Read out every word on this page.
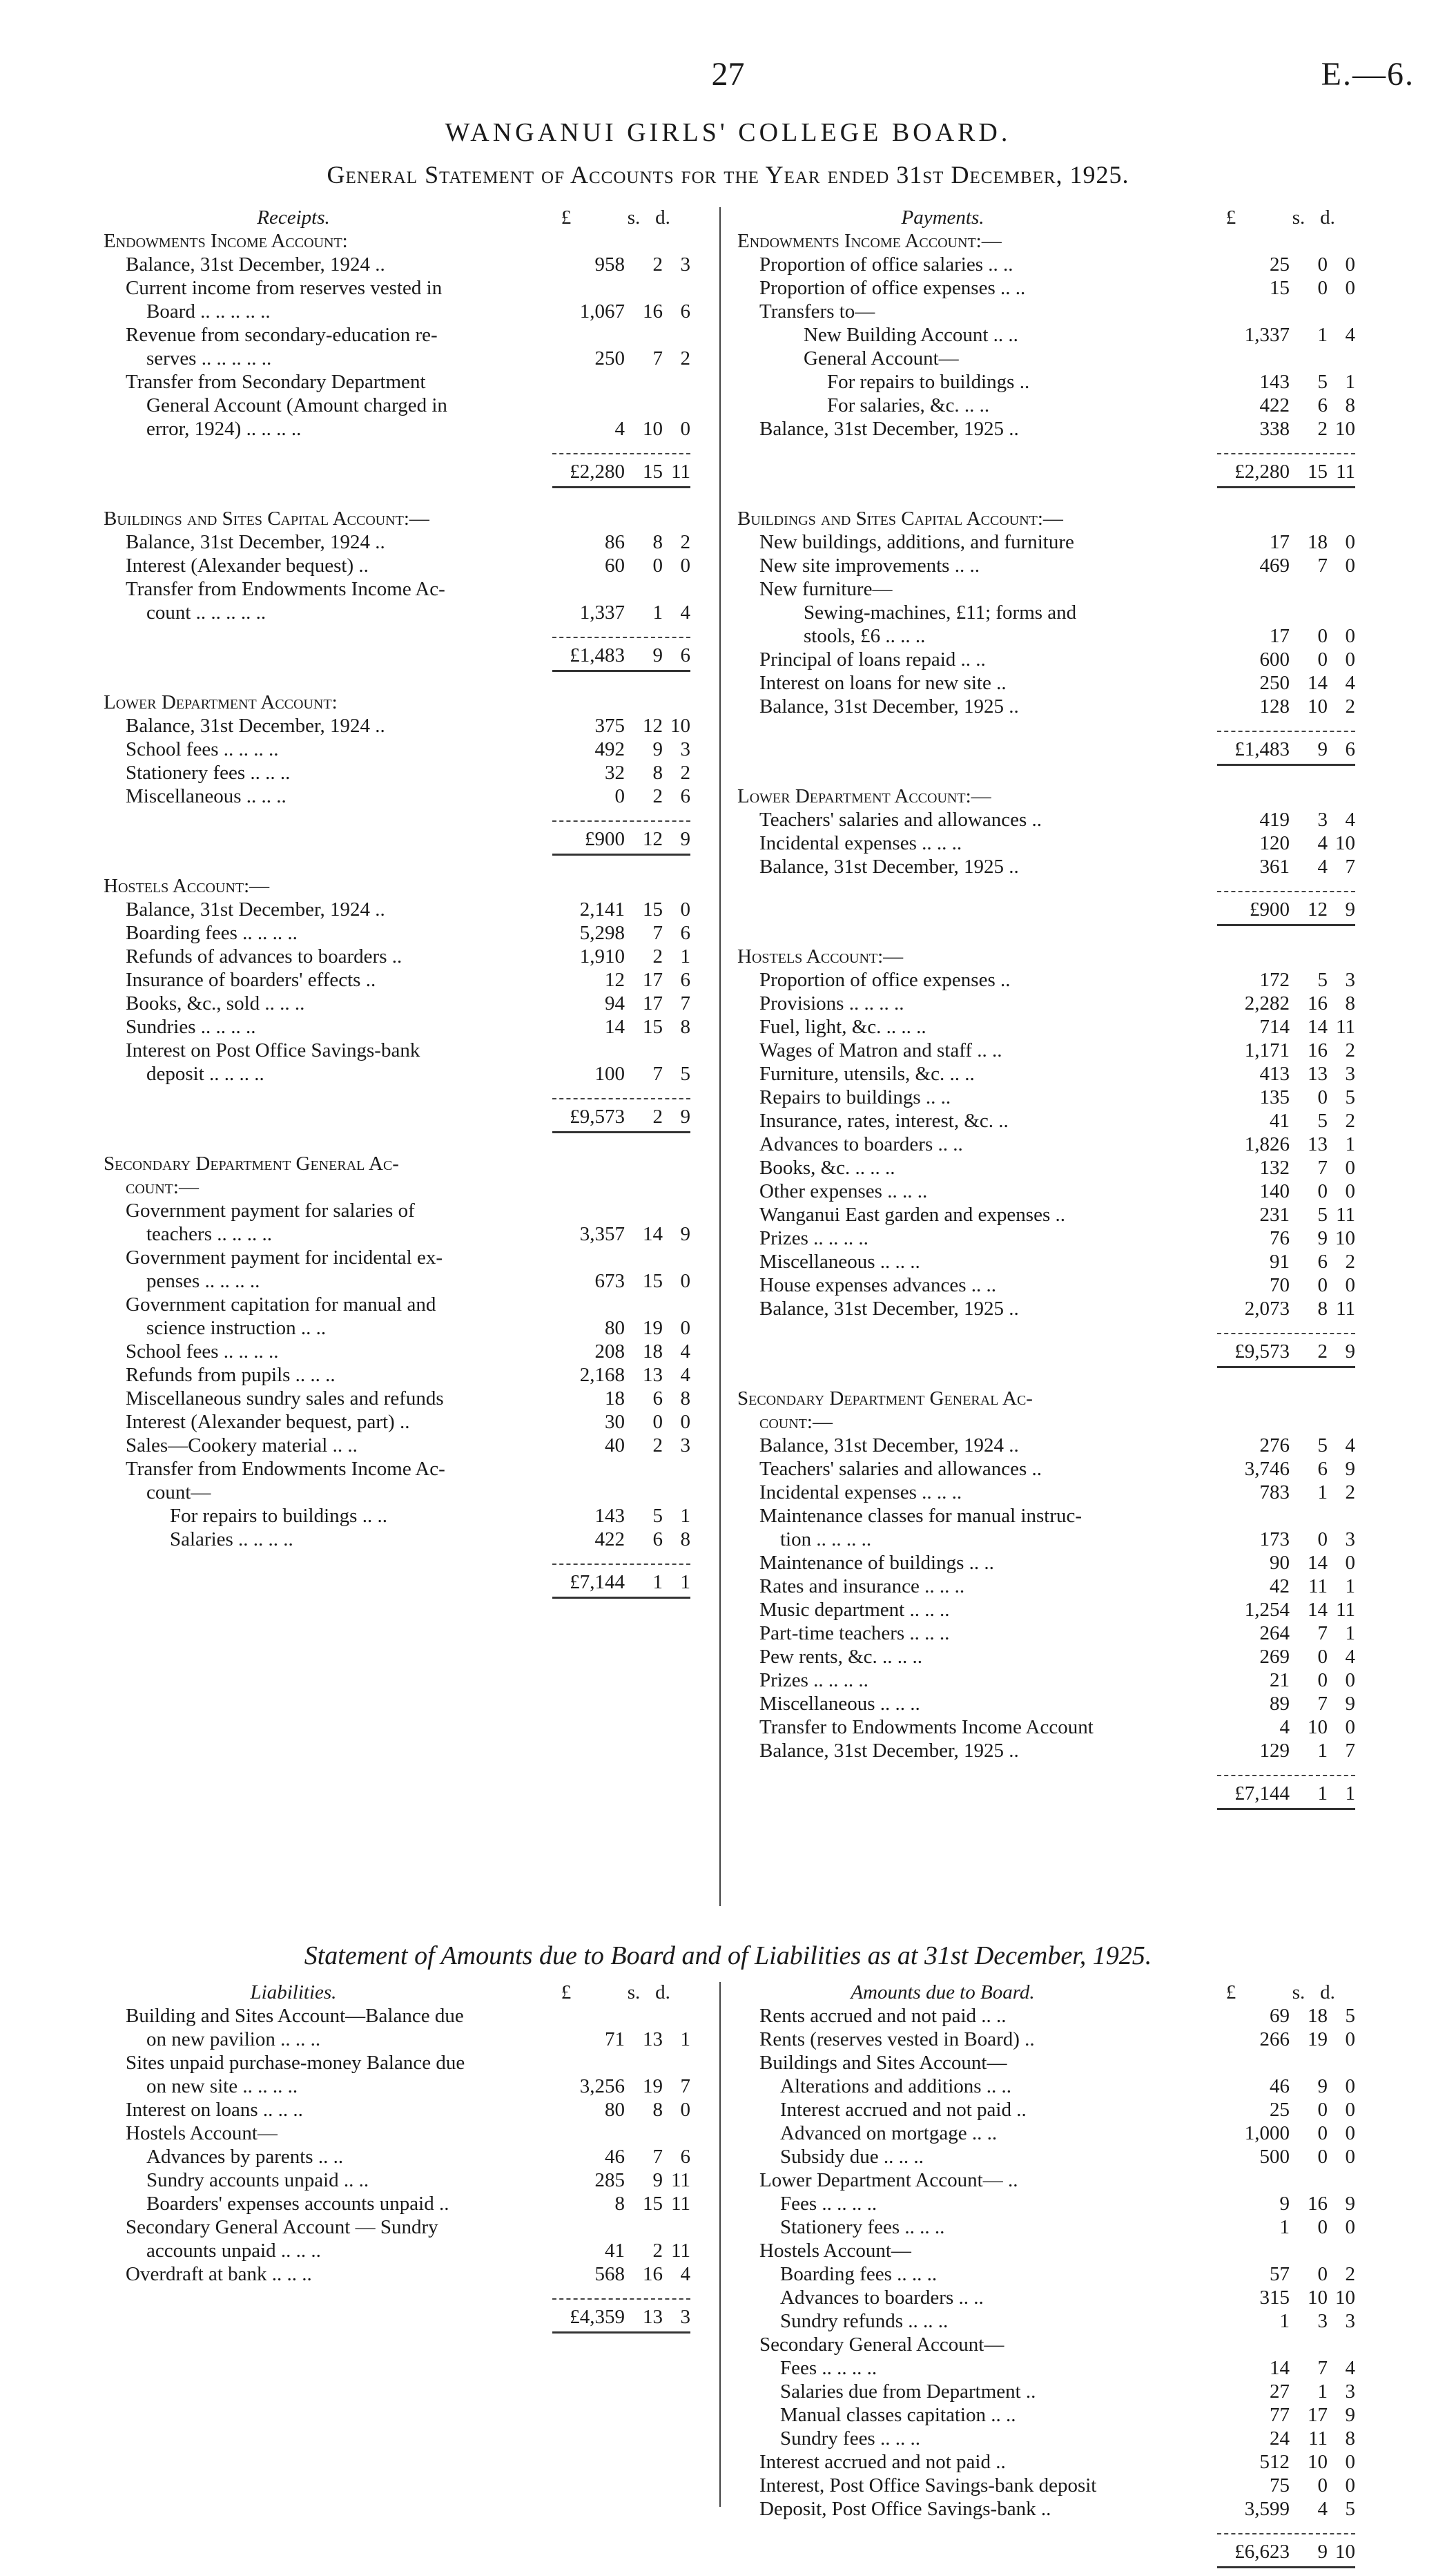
27	E.—6.
WANGANUI GIRLS' COLLEGE BOARD.
General Statement of Accounts for the Year ended 31st December, 1925.
Receipts.	£	s. d.
Endowments Income Account:
Balance, 31st December, 1924 ..	958	2 3
Current income from reserves vested in
Board .. .. .. .. ..	1,067 16 6
Revenue from secondary-education re-
serves .. .. .. .. ..	250	7 2
Transfer from Secondary Department
General Account (Amount charged in
error, 1924) .. .. .. ..	4 10 0
£2,280 15 11
Buildings and Sites Capital Account:—
Balance, 31st December, 1924 ..	86	8 2
Interest (Alexander bequest) ..	60	0 0
Transfer from Endowments Income Ac-
count .. .. .. .. ..	1,337	1 4
£1,483	9 6
Lower Department Account:
Balance, 31st December, 1924 ..	375 12 10
School fees .. .. .. ..	492	9 3
Stationery fees .. .. ..	32	8 2
Miscellaneous .. .. ..	0	2 6
£900 12 9
Hostels Account:—
Balance, 31st December, 1924 ..	2,141 15 0
Boarding fees .. .. .. ..	5,298	7 6
Refunds of advances to boarders ..	1,910	2 1
Insurance of boarders' effects ..	12 17 6
Books, &c., sold .. .. ..	94 17 7
Sundries .. .. .. ..	14 15 8
Interest on Post Office Savings-bank
deposit .. .. .. ..	100	7 5
£9,573	2 9
Secondary Department General Ac-
count:—
Government payment for salaries of
teachers .. .. .. ..	3,357 14 9
Government payment for incidental ex-
penses .. .. .. ..	673 15 0
Government capitation for manual and
science instruction .. ..	80 19 0
School fees .. .. .. ..	208 18 4
Refunds from pupils .. .. ..	2,168 13 4
Miscellaneous sundry sales and refunds	18	6 8
Interest (Alexander bequest, part) ..	30	0 0
Sales—Cookery material .. ..	40	2 3
Transfer from Endowments Income Ac-
count—
For repairs to buildings .. ..	143	5 1
Salaries .. .. .. ..	422	6 8
£7,144	1 1
Payments.	£	s. d.
Endowments Income Account:—
Proportion of office salaries .. ..	25	0 0
Proportion of office expenses .. ..	15	0 0
Transfers to—
New Building Account .. ..	1,337	1 4
General Account—
For repairs to buildings ..	143	5 1
For salaries, &c. .. ..	422	6 8
Balance, 31st December, 1925 ..	338	2 10
£2,280 15 11
Buildings and Sites Capital Account:—
New buildings, additions, and furniture	17 18 0
New site improvements .. ..	469	7 0
New furniture—
Sewing-machines, £11; forms and
stools, £6 .. .. ..	17	0 0
Principal of loans repaid .. ..	600	0 0
Interest on loans for new site ..	250 14 4
Balance, 31st December, 1925 ..	128 10 2
£1,483	9 6
Lower Department Account:—
Teachers' salaries and allowances ..	419	3 4
Incidental expenses .. .. ..	120	4 10
Balance, 31st December, 1925 ..	361	4 7
£900 12 9
Hostels Account:—
Proportion of office expenses ..	172	5 3
Provisions .. .. .. ..	2,282 16 8
Fuel, light, &c. .. .. ..	714 14 11
Wages of Matron and staff .. ..	1,171 16 2
Furniture, utensils, &c. .. ..	413 13 3
Repairs to buildings .. ..	135	0 5
Insurance, rates, interest, &c. ..	41	5 2
Advances to boarders .. ..	1,826 13 1
Books, &c. .. .. ..	132	7 0
Other expenses .. .. ..	140	0 0
Wanganui East garden and expenses ..	231	5 11
Prizes .. .. .. ..	76	9 10
Miscellaneous .. .. ..	91	6 2
House expenses advances .. ..	70	0 0
Balance, 31st December, 1925 ..	2,073	8 11
£9,573	2 9
Secondary Department General Ac-
count:—
Balance, 31st December, 1924 ..	276	5 4
Teachers' salaries and allowances ..	3,746	6 9
Incidental expenses .. .. ..	783	1 2
Maintenance classes for manual instruc-
tion .. .. .. ..	173	0 3
Maintenance of buildings .. ..	90 14 0
Rates and insurance .. .. ..	42 11 1
Music department .. .. ..	1,254 14 11
Part-time teachers .. .. ..	264	7 1
Pew rents, &c. .. .. ..	269	0 4
Prizes .. .. .. ..	21	0 0
Miscellaneous .. .. ..	89	7 9
Transfer to Endowments Income Account	4 10 0
Balance, 31st December, 1925 ..	129	1 7
£7,144	1 1
Statement of Amounts due to Board and of Liabilities as at 31st December, 1925.
Liabilities.	£	s. d.
Building and Sites Account—Balance due
on new pavilion .. .. ..	71 13 1
Sites unpaid purchase-money Balance due
on new site .. .. .. ..	3,256 19 7
Interest on loans .. .. ..	80	8 0
Hostels Account—
Advances by parents .. ..	46	7 6
Sundry accounts unpaid .. ..	285	9 11
Boarders' expenses accounts unpaid ..	8 15 11
Secondary General Account — Sundry
accounts unpaid .. .. ..	41	2 11
Overdraft at bank .. .. ..	568 16 4
£4,359 13 3
Amounts due to Board.	£	s. d.
Rents accrued and not paid .. ..	69 18 5
Rents (reserves vested in Board) ..	266 19 0
Buildings and Sites Account—
Alterations and additions .. ..	46	9 0
Interest accrued and not paid ..	25	0 0
Advanced on mortgage .. ..	1,000	0 0
Subsidy due .. .. ..	500	0 0
Lower Department Account— ..
Fees .. .. .. ..	9 16 9
Stationery fees .. .. ..	1	0 0
Hostels Account—
Boarding fees .. .. ..	57	0 2
Advances to boarders .. ..	315 10 10
Sundry refunds .. .. ..	1	3 3
Secondary General Account—
Fees .. .. .. ..	14	7 4
Salaries due from Department ..	27	1 3
Manual classes capitation .. ..	77 17 9
Sundry fees .. .. ..	24 11 8
Interest accrued and not paid ..	512 10 0
Interest, Post Office Savings-bank deposit	75	0 0
Deposit, Post Office Savings-bank ..	3,599	4 5
£6,623	9 10
